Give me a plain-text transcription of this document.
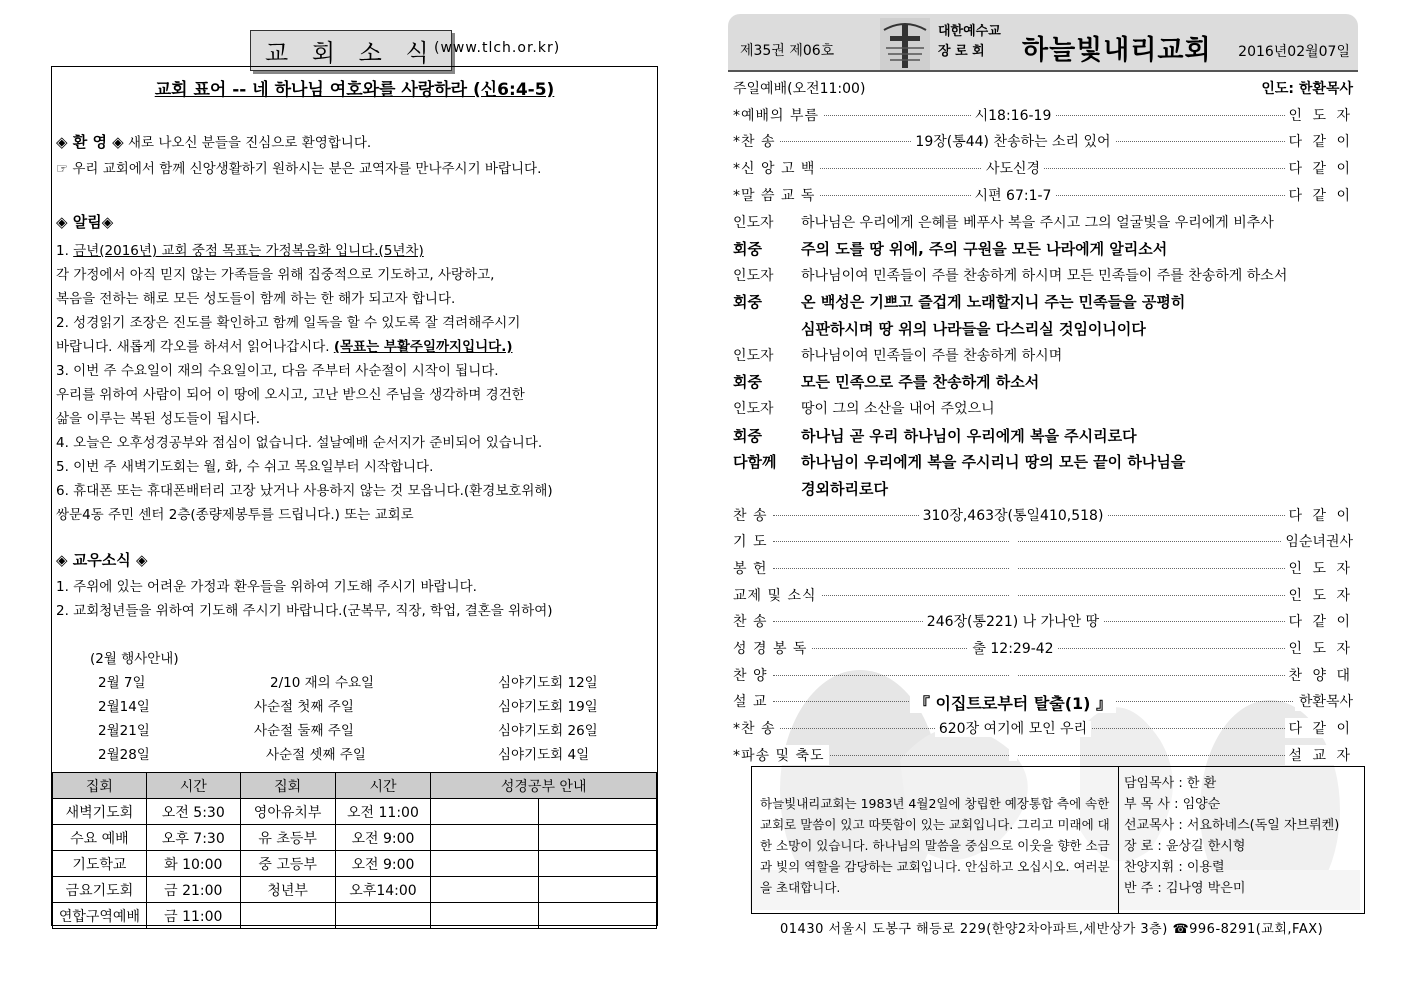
교 회 소 식
(www.tlch.or.kr)
교회 표어 -- 네 하나님 여호와를 사랑하라 (신6:4-5)
◈ 환 영 ◈ 새로 나오신 분들을 진심으로 환영합니다.
☞ 우리 교회에서 함께 신앙생활하기 원하시는 분은 교역자를 만나주시기 바랍니다.
◈ 알림◈
1. 금년(2016년) 교회 중점 목표는 가정복음화 입니다.(5년차)
각 가정에서 아직 믿지 않는 가족들을 위해 집중적으로 기도하고, 사랑하고,
복음을 전하는 해로 모든 성도들이 함께 하는 한 해가 되고자 합니다.
2. 성경읽기 조장은 진도를 확인하고 함께 일독을 할 수 있도록 잘 격려해주시기
바랍니다. 새롭게 각오를 하셔서 읽어나갑시다. (목표는 부활주일까지입니다.)
3. 이번 주 수요일이 재의 수요일이고, 다음 주부터 사순절이 시작이 됩니다.
우리를 위하여 사람이 되어 이 땅에 오시고, 고난 받으신 주님을 생각하며 경건한
삶을 이루는 복된 성도들이 됩시다.
4. 오늘은 오후성경공부와 점심이 없습니다. 설날예배 순서지가 준비되어 있습니다.
5. 이번 주 새벽기도회는 월, 화, 수 쉬고 목요일부터 시작합니다.
6. 휴대폰 또는 휴대폰배터리 고장 났거나 사용하지 않는 것 모읍니다.(환경보호위해)
쌍문4동 주민 센터 2층(종량제봉투를 드립니다.) 또는 교회로
◈ 교우소식 ◈
1. 주위에 있는 어려운 가정과 환우들을 위하여 기도해 주시기 바랍니다.
2. 교회청년들을 위하여 기도해 주시기 바랍니다.(군복무, 직장, 학업, 결혼을 위하여)
(2월 행사안내)
2월 7일	2/10 재의 수요일	심야기도회 12일
2월14일	사순절 첫째 주일	심야기도회 19일
2월21일	사순절 둘째 주일	심야기도회 26일
2월28일	사순절 셋째 주일	심야기도회 4일
집회	시간	집회	시간	성경공부 안내	
새벽기도회	오전 5:30	영아유치부	오전 11:00		
수요 예배	오후 7:30	유 초등부	오전 9:00		
기도학교	화 10:00	중 고등부	오전 9:00		
금요기도회	금 21:00	청년부	오후14:00		
연합구역예배	금 11:00				
제35권 제06호
대한예수교
장 로 회	하늘빛내리교회 2016년02월07일
주일예배(오전11:00)	인도: 한환목사
*예배의 부름	시18:16-19	인 도 자
*찬 송	19장(통44) 찬송하는 소리 있어	다 같 이
*신 앙 고 백	사도신경	다 같 이
*말 씀 교 독	시편 67:1-7	다 같 이
인도자 하나님은 우리에게 은혜를 베푸사 복을 주시고 그의 얼굴빛을 우리에게 비추사
회중	주의 도를 땅 위에, 주의 구원을 모든 나라에게 알리소서
인도자 하나님이여 민족들이 주를 찬송하게 하시며 모든 민족들이 주를 찬송하게 하소서
회중	온 백성은 기쁘고 즐겁게 노래할지니 주는 민족들을 공평히
심판하시며 땅 위의 나라들을 다스리실 것임이니이다
인도자 하나님이여 민족들이 주를 찬송하게 하시며
회중	모든 민족으로 주를 찬송하게 하소서
인도자 땅이 그의 소산을 내어 주었으니
회중	하나님 곧 우리 하나님이 우리에게 복을 주시리로다
다함께 하나님이 우리에게 복을 주시리니 땅의 모든 끝이 하나님을
경외하리로다
찬 송	310장,463장(통일410,518)	다 같 이
기 도	임순녀권사
봉 헌	인 도 자
교제 및 소식	인 도 자
찬 송	246장(통221) 나 가나안 땅	다 같 이
성 경 봉 독	출 12:29-42	인 도 자
찬 양	찬 양 대
설 교	『 이집트로부터 탈출(1) 』	한환목사
*찬 송	620장 여기에 모인 우리	다 같 이
*파송 및 축도	설 교 자
하늘빛내리교회는 1983년 4월2일에 창립한 예장통합 측에 속한 교회로 말씀이 있고 따뜻함이 있는 교회입니다. 그리고 미래에 대한 소망이 있습니다. 하나님의 말씀을 중심으로 이웃을 향한 소금과 빛의 역할을 감당하는 교회입니다. 안심하고 오십시오. 여러분을 초대합니다.
담임목사 : 한 환
부 목 사 : 임양순
선교목사 : 서요하네스(독일 자브뤼켄)
장 로 : 윤상길 한시형
찬양지휘 : 이용렬
반 주 : 김나영 박은미
01430 서울시 도봉구 해등로 229(한양2차아파트,세반상가 3층) ☎996-8291(교회,FAX)
